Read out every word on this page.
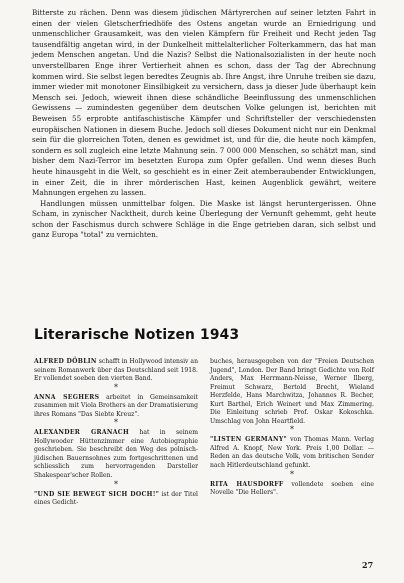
Bitterste zu rächen. Denn was diesem jüdischen Märtyrerchen auf seiner letzten Fahrt in einen der vielen Gletscherfriedhöfe des Ostens angetan wurde an Erniedrigung und unmenschlicher Grausamkeit, was den vielen Kämpfern für Freiheit und Recht jeden Tag tausendfältig angetan wird, in der Dunkelheit mittelalterlicher Folterkammern, das hat man jedem Menschen angetan. Und die Nazis? Selbst die Nationalsozialisten in der heute noch unverstellbaren Enge ihrer Vertierheit ahnen es schon, dass der Tag der Abrechnung kommen wird. Sie selbst legen beredtes Zeugnis ab. Ihre Angst, ihre Unruhe treiben sie dazu, immer wieder mit monotoner Einsilbigkeit zu versichern, dass ja dieser Jude überhaupt kein Mensch sei. Jedoch, wieweit ihnen diese schändliche Beeinflussung des unmenschlichen Gewissens — zumindesten gegenüber dem deutschen Volke gelungen ist, berichten mit Beweisen 55 erprobte antifaschistische Kämpfer und Schriftsteller der verschiedensten europäischen Nationen in diesem Buche. Jedoch soll dieses Dokument nicht nur ein Denkmal sein für die glorreichen Toten, denen es gewidmet ist, und für die, die heute noch kämpfen, sondern es soll zugleich eine letzte Mahnung sein. 7 000 000 Menschen, so schätzt man, sind bisher dem Nazi-Terror im besetzten Europa zum Opfer gefallen. Und wenn dieses Buch heute hinausgeht in die Welt, so geschieht es in einer Zeit atemberaubender Entwicklungen, in einer Zeit, die in ihrer mörderischen Hast, keinen Augenblick gewährt, weitere Mahnungen ergehen zu lassen.

Handlungen müssen unmittelbar folgen. Die Maske ist längst heruntergerissen. Ohne Scham, in zynischer Nacktheit, durch keine Überlegung der Vernunft gehemmt, geht heute schon der Faschismus durch schwere Schläge in die Enge getrieben daran, sich selbst und ganz Europa "total" zu vernichten.

Literarische Notizen 1943

ALFRED DÖBLIN schafft in Hollywood intensiv an seinem Romanwerk über das Deutschland seit 1918. Er vollendet soeben den vierten Band.

*

ANNA SEGHERS arbeitet in Gemeinsamkeit zusammen mit Viola Brothers an der Dramatisierung ihres Romans "Das Siebte Kreuz".

*

ALEXANDER GRANACH hat in seinem Hollywooder Hüttenzimmer eine Autobiographie geschrieben. Sie beschreibt den Weg des polnisch-jüdischen Bauernsohnes zum fortgeschrittenen und schliesslich zum hervorragenden Darsteller Shakespear'scher Rollen.

*

"UND SIE BEWEGT SICH DOCH!" ist der Titel eines Gedicht-

buches, herausgegeben von der "Freien Deutschen Jugend", London. Der Band bringt Gedichte von Rolf Anders, Max Herrmann-Neisse, Werner Ilberg, Freimut Schwarz, Bertold Brecht, Wieland Herzfelde, Hans Marchwitza, Johannes R. Becher, Kurt Barthel, Erich Weinert und Max Zimmering. Die Einleitung schrieb Prof. Oskar Kokoschka. Umschlag von John Heartfield.

*

"LISTEN GERMANY" von Thomas Mann. Verlag Alfred A. Knopf, New York. Preis 1,00 Dollar. — Reden an das deutsche Volk, vom britischen Sender nach Hitlerdeutschland gefunkt.

*

RITA HAUSDORFF vollendete soeben eine Novelle "Die Hellers".

27
